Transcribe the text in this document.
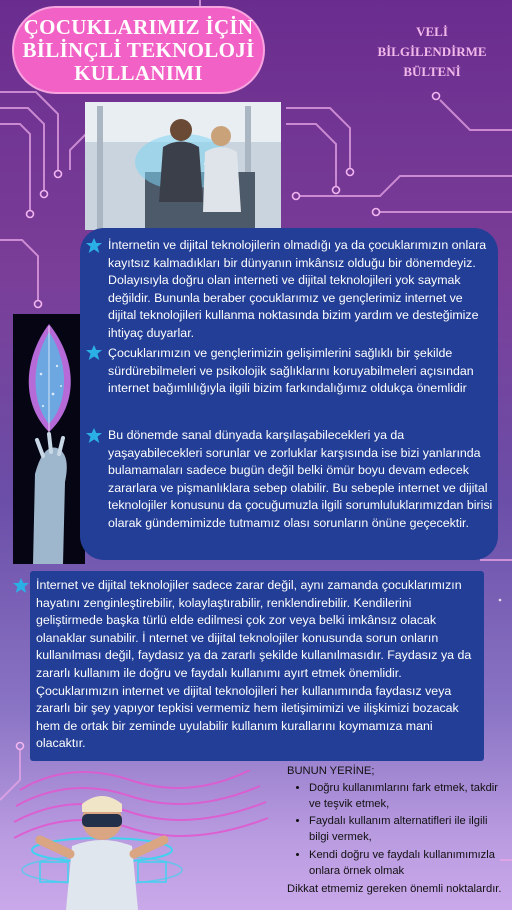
ÇOCUKLARIMIZ İÇİN
BİLİNÇLİ TEKNOLOJİ
KULLANIMI
VELİ
BİLGİLENDİRME
BÜLTENİ

İnternetin ve dijital teknolojilerin olmadığı ya da çocuklarımızın onlara kayıtsız kalmadıkları bir dünyanın imkânsız olduğu bir dönemdeyiz. Dolayısıyla doğru olan interneti ve dijital teknolojileri yok saymak değildir. Bununla beraber çocuklarımız ve gençlerimiz internet ve dijital teknolojileri kullanma noktasında bizim yardım ve desteğimize ihtiyaç duyarlar.

Çocuklarımızın ve gençlerimizin gelişimlerini sağlıklı bir şekilde sürdürebilmeleri ve psikolojik sağlıklarını koruyabilmeleri açısından internet bağımlılığıyla ilgili bizim farkındalığımız oldukça önemlidir

Bu dönemde sanal dünyada karşılaşabilecekleri ya da yaşayabilecekleri sorunlar ve zorluklar karşısında ise bizi yanlarında bulamamaları sadece bugün değil belki ömür boyu devam edecek zararlara ve pişmanlıklara sebep olabilir. Bu sebeple internet ve dijital teknolojiler konusunu da çocuğumuzla ilgili sorumluluklarımızdan birisi olarak gündemimizde tutmamız olası sorunların önüne geçecektir.

İnternet ve dijital teknolojiler sadece zarar değil, aynı zamanda çocuklarımızın hayatını zenginleştirebilir, kolaylaştırabilir, renklendirebilir. Kendilerini geliştirmede başka türlü elde edilmesi çok zor veya belki imkânsız olacak olanaklar sunabilir. İ nternet ve dijital teknolojiler konusunda sorun onların kullanılması değil, faydasız ya da zararlı şekilde kullanılmasıdır. Faydasız ya da zararlı kullanım ile doğru ve faydalı kullanımı ayırt etmek önemlidir. Çocuklarımızın internet ve dijital teknolojileri her kullanımında faydasız veya zararlı bir şey yapıyor tepkisi vermemiz hem iletişimimizi ve ilişkimizi bozacak hem de ortak bir zeminde uyulabilir kullanım kurallarını koymamıza mani olacaktır.

BUNUN YERİNE;

• Doğru kullanımlarını fark etmek, takdir ve teşvik etmek,
• Faydalı kullanım alternatifleri ile ilgili bilgi vermek,
• Kendi doğru ve faydalı kullanımımızla onlara örnek olmak

Dikkat etmemiz gereken önemli noktalardır.
